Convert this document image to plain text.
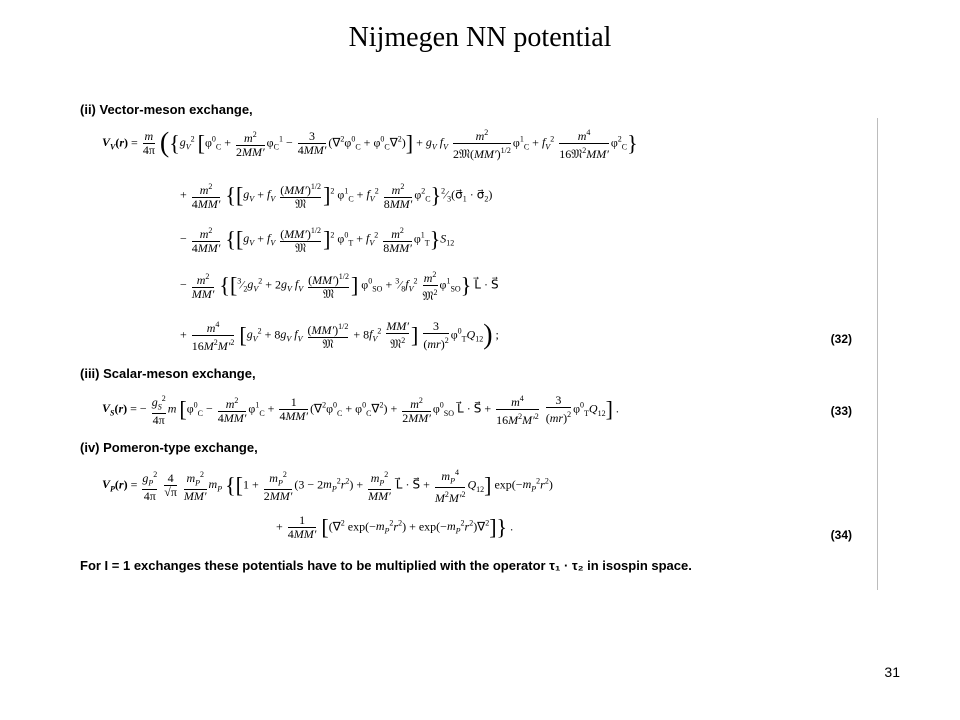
Nijmegen NN potential
(ii) Vector-meson exchange,
$V_V(r) = \frac{m}{4\pi} (\{g_V^2$ $[\varphi^0_C + \frac{m^2}{2MM'} \varphi_C^1 - \frac{3}{4MM'} (\nabla^2\varphi^0_C + \varphi^0_C\nabla^2)] + g_V$ $f_V \frac{m^2}{2𝔐(MM')^{1/2}} \varphi^1_C + f_V^2 \frac{m^4}{16𝔐^2MM'} \varphi^2_C$}
+ $\frac{m^2}{4MM'} \{[g_V + f_V \frac{(MM')^{1/2}}{\text{𝔐}} ]^2$ $\varphi^1_C + f_V^2 \frac{m^2}{8MM'}$ $\varphi^2_C\}^2⁄_3(\sigma⃗_1$ · $\sigma⃗_2$)
− $\frac{m^2}{4MM'} \{[g_V + f_V \frac{(MM')^{1/2}}{\text{𝔐}} ]^2$ $\varphi^0_T + f_V^2 \frac{m^2}{8MM'} \varphi^1_T\}S_{12}$
− $\frac{m^2}{MM'}$ {[$^3⁄_2g_V^2 + 2g_V$ $f_V \frac{(MM')^{1/2}}{\text{𝔐}}$ ] $\varphi^0_{SO}$ + $^3⁄_8f_V^2 \frac{m^2}{𝔐^2} \varphi^1_{SO}$} L⃗ · S⃗
+ $\frac{m^4}{16M^2M'^2} [g_V^2 + 8g_V$ $f_V \frac{(MM')^{1/2}}{\text{𝔐}} + 8f_V^2 \frac{MM'}{𝔐^2}$ ] $\frac{3}{(mr)^2} \varphi^0_TQ_{12}$) ;	(32)
(iii) Scalar-meson exchange,
$V_S(r)$ = − $\frac{g_S^2}{4\pi}$ m [$\varphi^0_C - \frac{m^2}{4MM'} \varphi^1_C + \frac{1}{4MM'} (\nabla^2\varphi^0_C + \varphi^0_C\nabla^2) + \frac{m^2}{2MM'} \varphi^0_{SO}$ L⃗ · S⃗ + $\frac{m^4}{16M^2M'^2}$
$\frac{3}{(mr)^2} \varphi^0_TQ_{12}$] .	(33)
(iv) Pomeron-type exchange,
$V_P(r) = \frac{g_P^2}{4\pi}$
$\frac{4}{√\pi}$
$\frac{m_P^2}{MM'} m_P$ {[$1 + \frac{m_P^2}{2MM'} (3 - 2m_P^2r^2) + \frac{m_P^2}{MM'}$ L⃗ · S⃗ + $\frac{m_P^4}{M^2M'^2} Q_{12}$] $\exp(-m_P^2r^2)$
+ $\frac{1}{4MM'} [(\nabla^2$ $\exp(-m_P^2r^2) + \exp(-m_P^2r^2)\nabla^2$]} .
(34)
For I = 1 exchanges these potentials have to be multiplied with the operator τ₁ · τ₂ in isospin space.
31
